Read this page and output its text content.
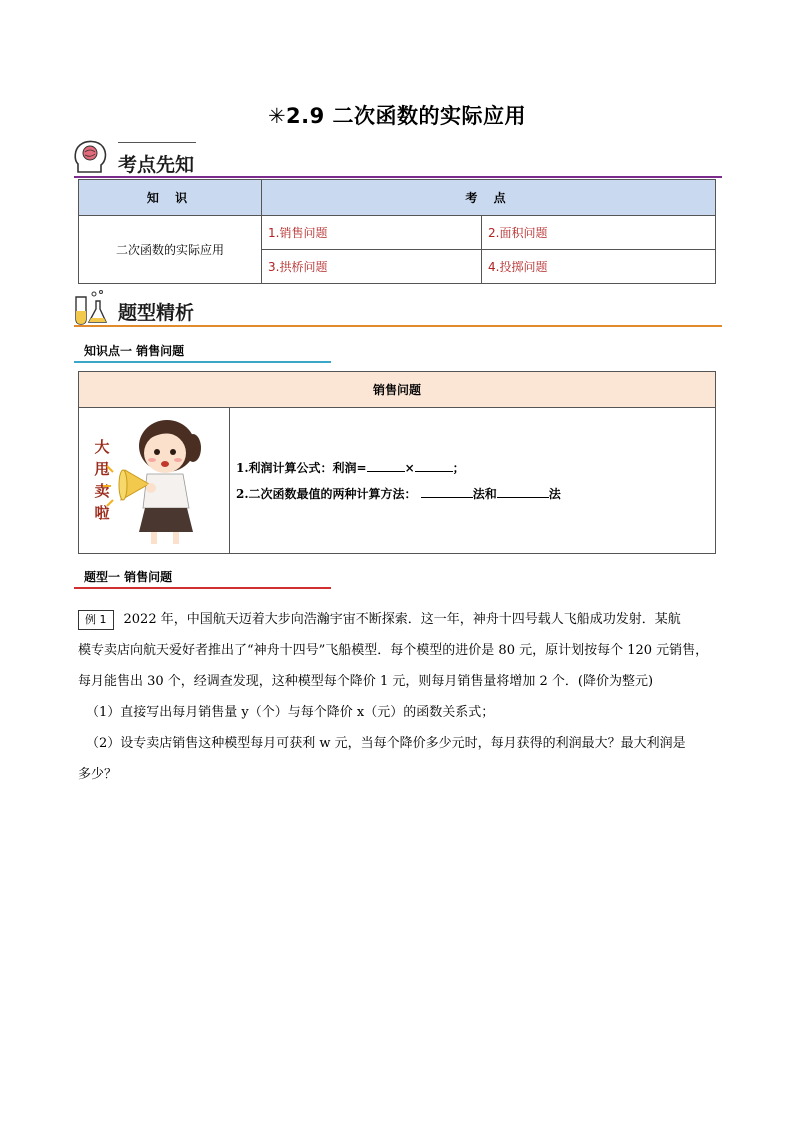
✳2.9 二次函数的实际应用
考点先知
知 识	考 点	
二次函数的实际应用	1.销售问题	2.面积问题
	3.拱桥问题	4.投掷问题
题型精析
知识点一 销售问题
销售问题

大
甩
卖
啦

1.利润计算公式：利润=	×	；
2.二次函数最值的两种计算方法：	法和	法
题型一 销售问题
例 1 2022 年，中国航天迈着大步向浩瀚宇宙不断探索．这一年，神舟十四号载人飞船成功发射．某航
模专卖店向航天爱好者推出了“神舟十四号”飞船模型．每个模型的进价是 80 元，原计划按每个 120 元销售，
每月能售出 30 个，经调查发现，这种模型每个降价 1 元，则每月销售量将增加 2 个．(降价为整元)
（1）直接写出每月销售量 y（个）与每个降价 x（元）的函数关系式；
（2）设专卖店销售这种模型每月可获利 w 元，当每个降价多少元时，每月获得的利润最大？最大利润是
多少？
